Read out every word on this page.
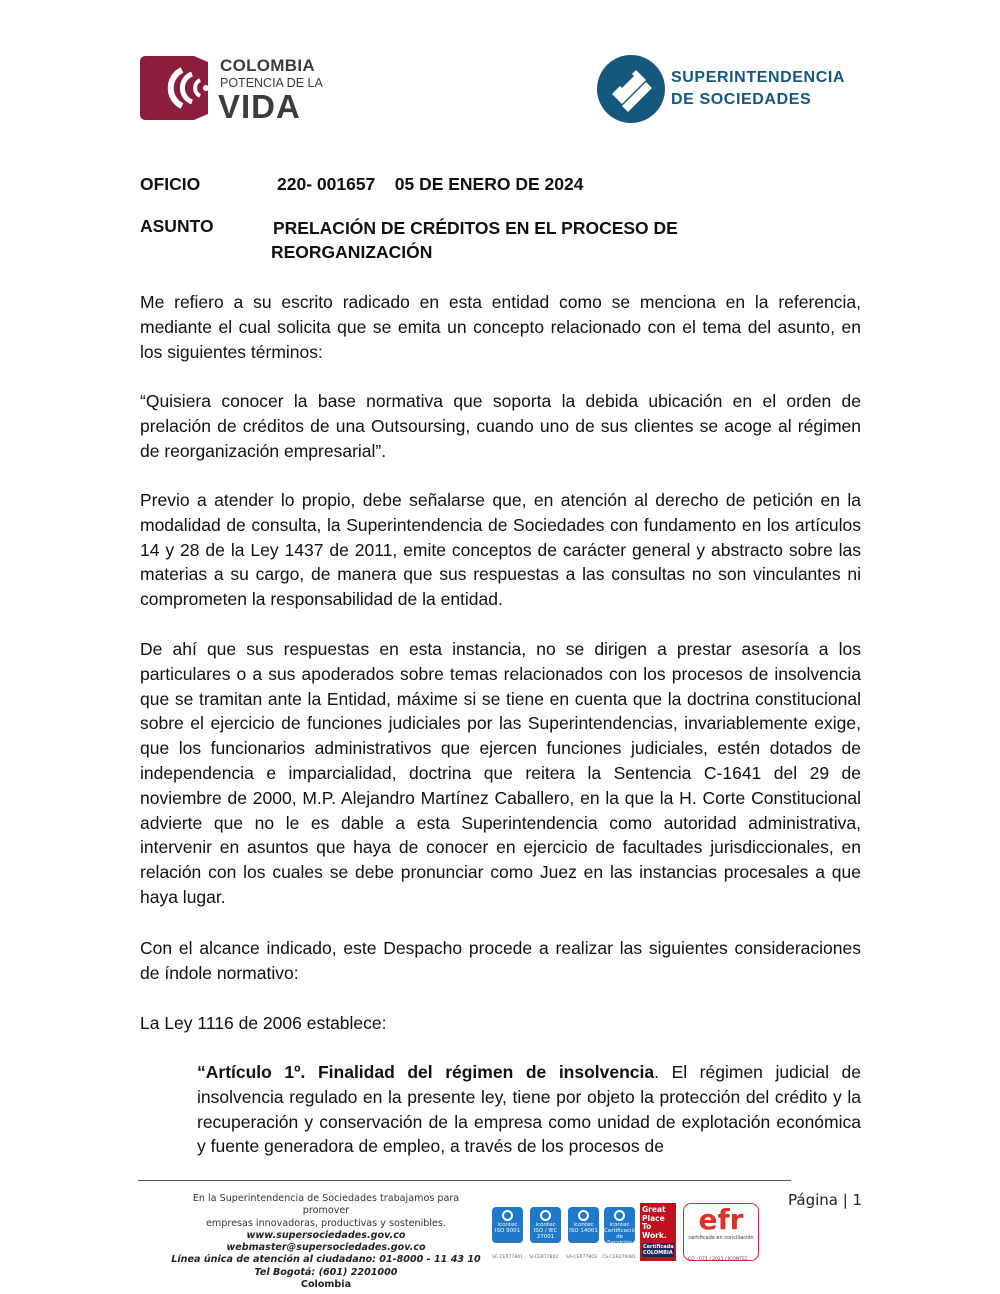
COLOMBIA
POTENCIA DE LA
VIDA
SUPERINTENDENCIA
DE SOCIEDADES
OFICIO	220- 001657 05 DE ENERO DE 2024
ASUNTO	PRELACIÓN DE CRÉDITOS EN EL PROCESO DE
REORGANIZACIÓN
Me refiero a su escrito radicado en esta entidad como se menciona en la referencia, mediante el cual solicita que se emita un concepto relacionado con el tema del asunto, en los siguientes términos:
“Quisiera conocer la base normativa que soporta la debida ubicación en el orden de prelación de créditos de una Outsoursing, cuando uno de sus clientes se acoge al régimen de reorganización empresarial”.
Previo a atender lo propio, debe señalarse que, en atención al derecho de petición en la modalidad de consulta, la Superintendencia de Sociedades con fundamento en los artículos 14 y 28 de la Ley 1437 de 2011, emite conceptos de carácter general y abstracto sobre las materias a su cargo, de manera que sus respuestas a las consultas no son vinculantes ni comprometen la responsabilidad de la entidad.
De ahí que sus respuestas en esta instancia, no se dirigen a prestar asesoría a los particulares o a sus apoderados sobre temas relacionados con los procesos de insolvencia que se tramitan ante la Entidad, máxime si se tiene en cuenta que la doctrina constitucional sobre el ejercicio de funciones judiciales por las Superintendencias, invariablemente exige, que los funcionarios administrativos que ejercen funciones judiciales, estén dotados de independencia e imparcialidad, doctrina que reitera la Sentencia C-1641 del 29 de noviembre de 2000, M.P. Alejandro Martínez Caballero, en la que la H. Corte Constitucional advierte que no le es dable a esta Superintendencia como autoridad administrativa, intervenir en asuntos que haya de conocer en ejercicio de facultades jurisdiccionales, en relación con los cuales se debe pronunciar como Juez en las instancias procesales a que haya lugar.
Con el alcance indicado, este Despacho procede a realizar las siguientes consideraciones de índole normativo:
La Ley 1116 de 2006 establece:
“Artículo 1º. Finalidad del régimen de insolvencia. El régimen judicial de insolvencia regulado en la presente ley, tiene por objeto la protección del crédito y la recuperación y conservación de la empresa como unidad de explotación económica y fuente generadora de empleo, a través de los procesos de
Página | 1
En la Superintendencia de Sociedades trabajamos para promover
empresas innovadoras, productivas y sostenibles.
www.supersociedades.gov.co
webmaster@supersociedades.gov.co
Línea única de atención al ciudadano: 01-8000 - 11 43 10
Tel Bogotá: (601) 2201000
Colombia
icontec
ISO 9001
SC-CER77801
icontec
ISO / IEC 27001
SI-CER77802
icontec
ISO 14001
SA-CER77803
icontec
Certificación de Servicios
CS-CER279481
Great
Place
To
Work.
Certificada COLOMBIA
efr
certificado en conciliación
CO - 071 / 2021 / ICONTEC
